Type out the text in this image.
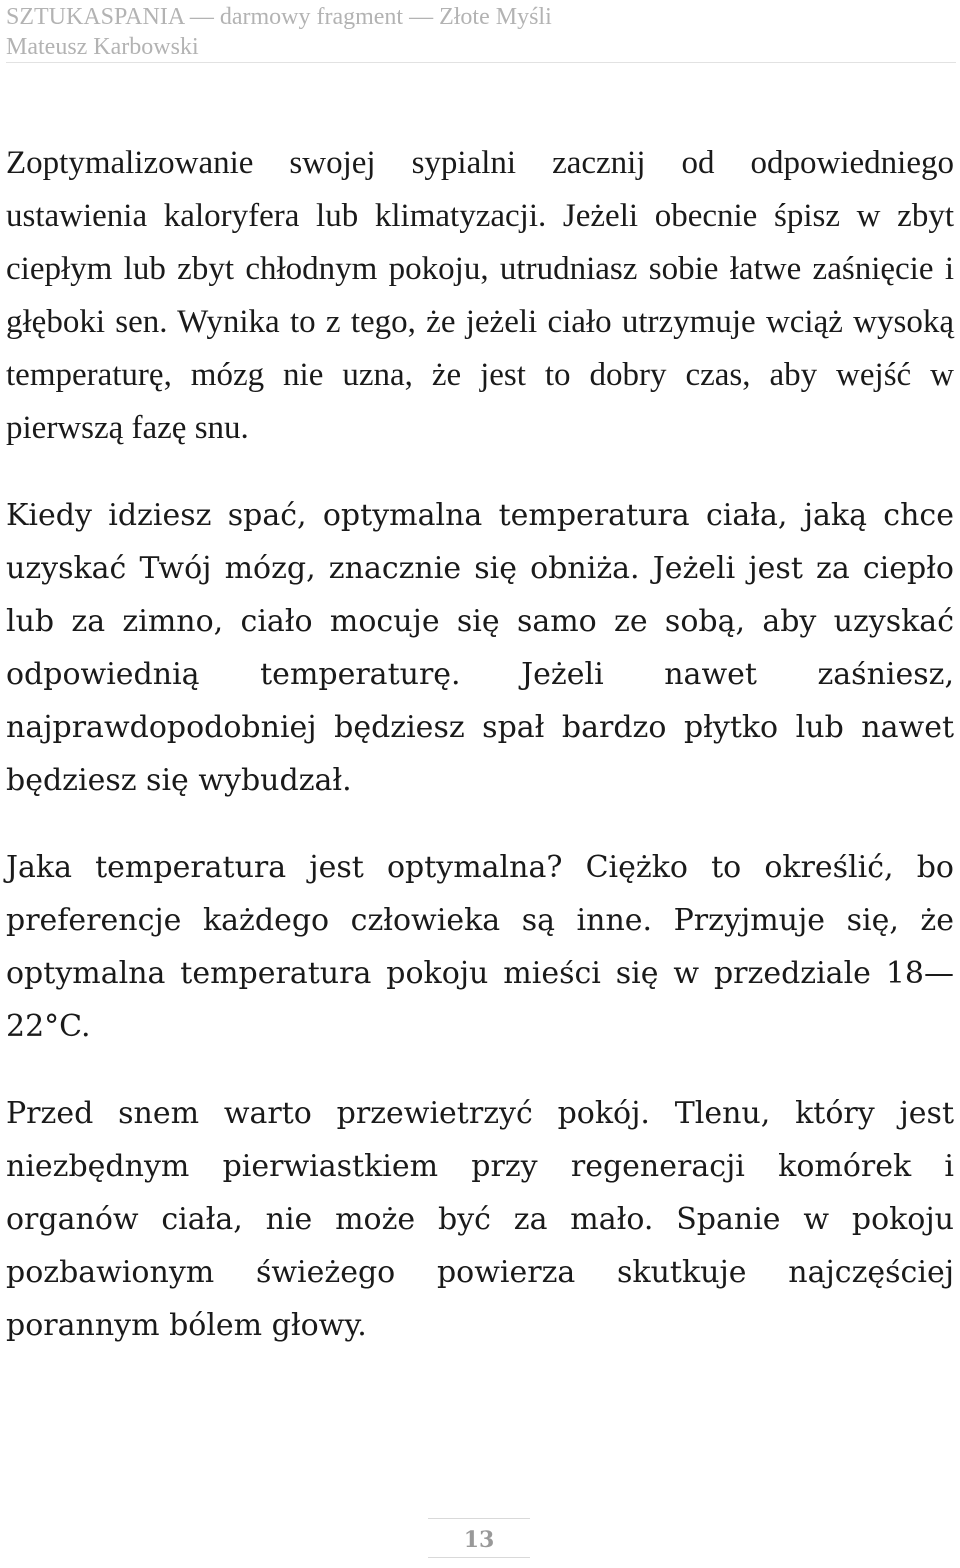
SZTUKASPANIA — darmowy fragment — Złote Myśli
Mateusz Karbowski

Zoptymalizowanie swojej sypialni zacznij od odpowiedniego ustawienia kaloryfera lub klimatyzacji. Jeżeli obecnie śpisz w zbyt ciepłym lub zbyt chłodnym pokoju, utrudniasz sobie łatwe zaśnięcie i głęboki sen. Wynika to z tego, że jeżeli ciało utrzymuje wciąż wysoką temperaturę, mózg nie uzna, że jest to dobry czas, aby wejść w pierwszą fazę snu.

Kiedy idziesz spać, optymalna temperatura ciała, jaką chce uzyskać Twój mózg, znacznie się obniża. Jeżeli jest za ciepło lub za zimno, ciało mocuje się samo ze sobą, aby uzyskać odpowiednią temperaturę. Jeżeli nawet zaśniesz, najprawdopodobniej będziesz spał bardzo płytko lub nawet będziesz się wybudzał.

Jaka temperatura jest optymalna? Ciężko to określić, bo preferencje każdego człowieka są inne. Przyjmuje się, że optymalna temperatura pokoju mieści się w przedziale 18—22°C.

Przed snem warto przewietrzyć pokój. Tlenu, który jest niezbędnym pierwiastkiem przy regeneracji komórek i organów ciała, nie może być za mało. Spanie w pokoju pozbawionym świeżego powierza skutkuje najczęściej porannym bólem głowy.

13
